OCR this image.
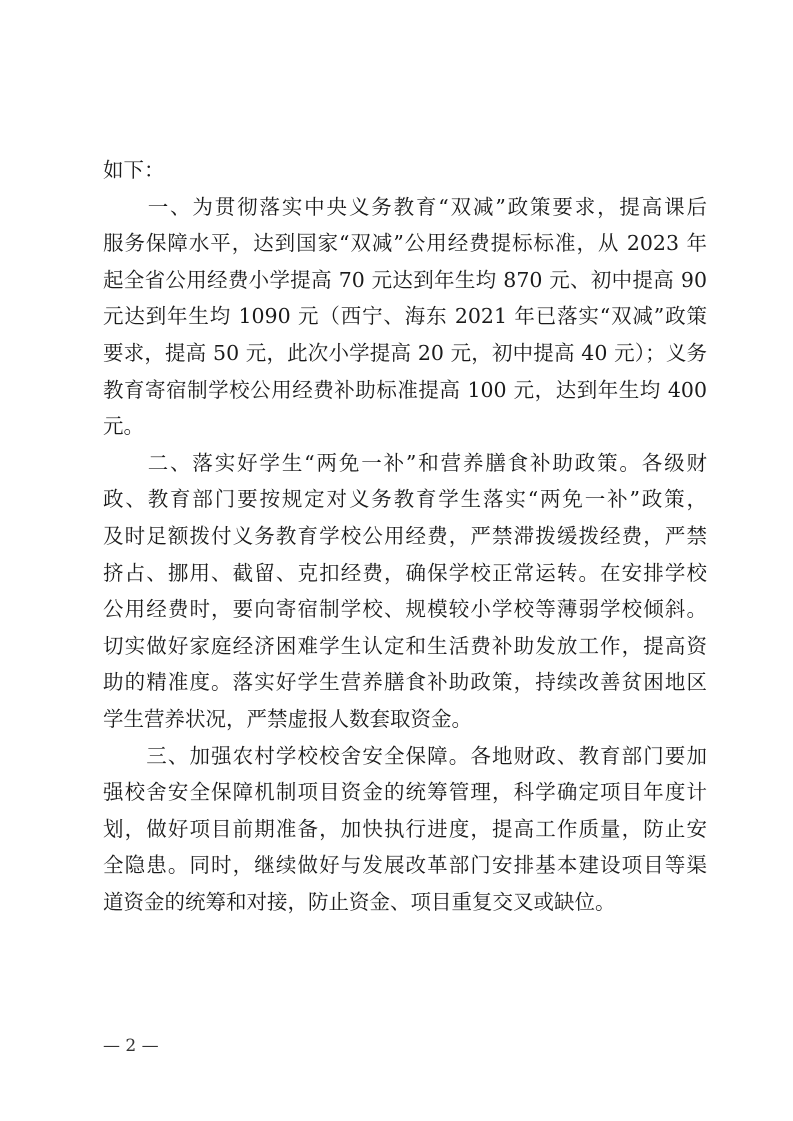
如下：
　　一、为贯彻落实中央义务教育“双减”政策要求，提高课后
服务保障水平，达到国家“双减”公用经费提标标准，从 2023 年
起全省公用经费小学提高 70 元达到年生均 870 元、初中提高 90
元达到年生均 1090 元（西宁、海东 2021 年已落实“双减”政策
要求，提高 50 元，此次小学提高 20 元，初中提高 40 元）；义务
教育寄宿制学校公用经费补助标准提高 100 元，达到年生均 400
元。
　　二、落实好学生“两免一补”和营养膳食补助政策。各级财
政、教育部门要按规定对义务教育学生落实“两免一补”政策，
及时足额拨付义务教育学校公用经费，严禁滞拨缓拨经费，严禁
挤占、挪用、截留、克扣经费，确保学校正常运转。在安排学校
公用经费时，要向寄宿制学校、规模较小学校等薄弱学校倾斜。
切实做好家庭经济困难学生认定和生活费补助发放工作，提高资
助的精准度。落实好学生营养膳食补助政策，持续改善贫困地区
学生营养状况，严禁虚报人数套取资金。
　　三、加强农村学校校舍安全保障。各地财政、教育部门要加
强校舍安全保障机制项目资金的统筹管理，科学确定项目年度计
划，做好项目前期准备，加快执行进度，提高工作质量，防止安
全隐患。同时，继续做好与发展改革部门安排基本建设项目等渠
道资金的统筹和对接，防止资金、项目重复交叉或缺位。
— 2 —
